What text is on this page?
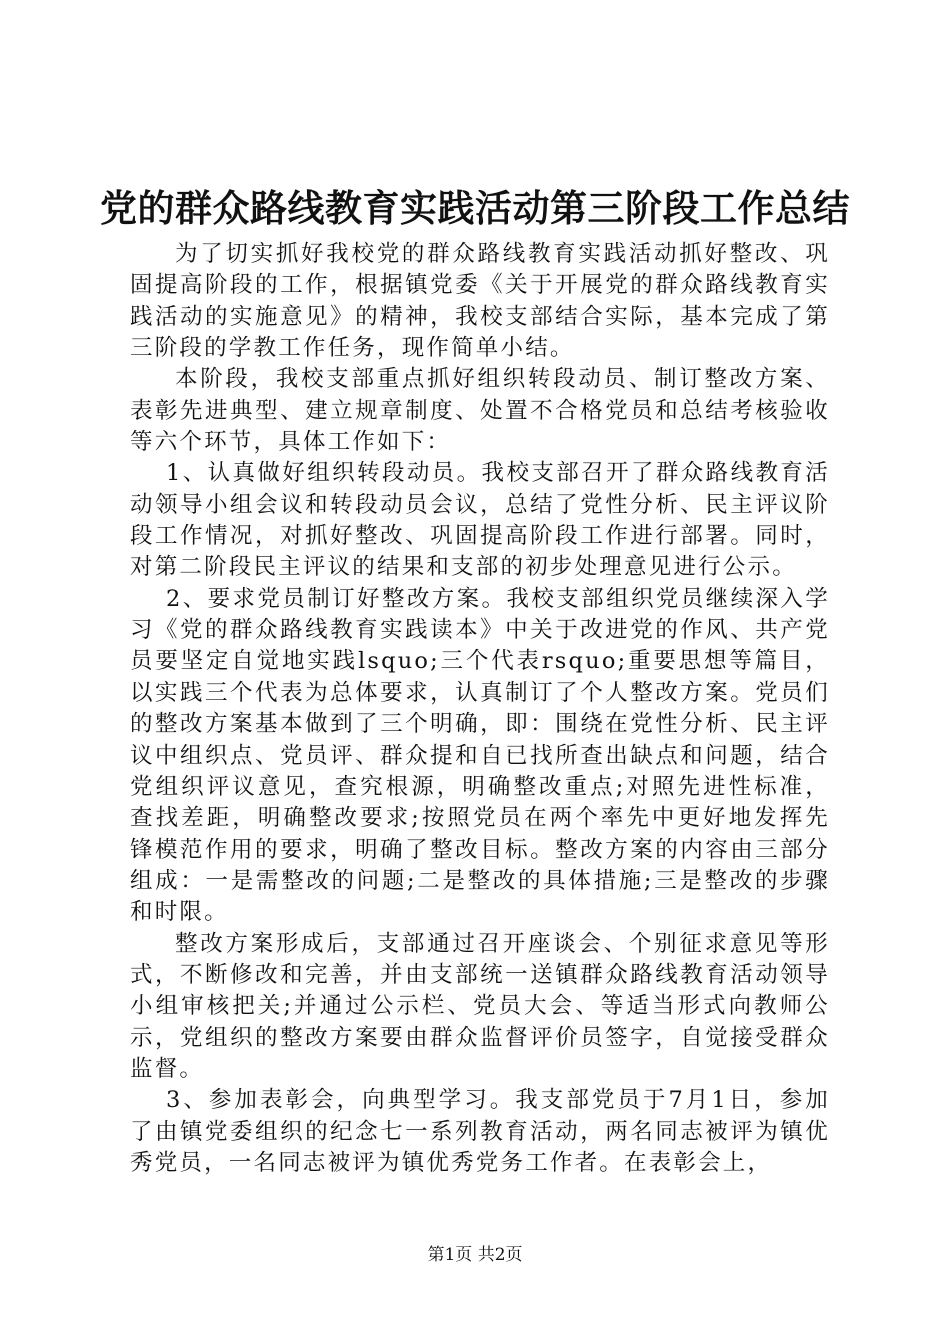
党的群众路线教育实践活动第三阶段工作总结

为了切实抓好我校党的群众路线教育实践活动抓好整改、巩固提高阶段的工作，根据镇党委《关于开展党的群众路线教育实践活动的实施意见》的精神，我校支部结合实际，基本完成了第三阶段的学教工作任务，现作简单小结。

本阶段，我校支部重点抓好组织转段动员、制订整改方案、表彰先进典型、建立规章制度、处置不合格党员和总结考核验收等六个环节，具体工作如下：

1、认真做好组织转段动员。我校支部召开了群众路线教育活动领导小组会议和转段动员会议，总结了党性分析、民主评议阶段工作情况，对抓好整改、巩固提高阶段工作进行部署。同时，对第二阶段民主评议的结果和支部的初步处理意见进行公示。

2、要求党员制订好整改方案。我校支部组织党员继续深入学习《党的群众路线教育实践读本》中关于改进党的作风、共产党员要坚定自觉地实践lsquo;三个代表rsquo;重要思想等篇目，以实践三个代表为总体要求，认真制订了个人整改方案。党员们的整改方案基本做到了三个明确，即：围绕在党性分析、民主评议中组织点、党员评、群众提和自已找所查出缺点和问题，结合党组织评议意见，查究根源，明确整改重点;对照先进性标准，查找差距，明确整改要求;按照党员在两个率先中更好地发挥先锋模范作用的要求，明确了整改目标。整改方案的内容由三部分组成：一是需整改的问题;二是整改的具体措施;三是整改的步骤和时限。

整改方案形成后，支部通过召开座谈会、个别征求意见等形式，不断修改和完善，并由支部统一送镇群众路线教育活动领导小组审核把关;并通过公示栏、党员大会、等适当形式向教师公示，党组织的整改方案要由群众监督评价员签字，自觉接受群众监督。

3、参加表彰会，向典型学习。我支部党员于7月1日，参加了由镇党委组织的纪念七一系列教育活动，两名同志被评为镇优秀党员，一名同志被评为镇优秀党务工作者。在表彰会上，

第1页 共2页
